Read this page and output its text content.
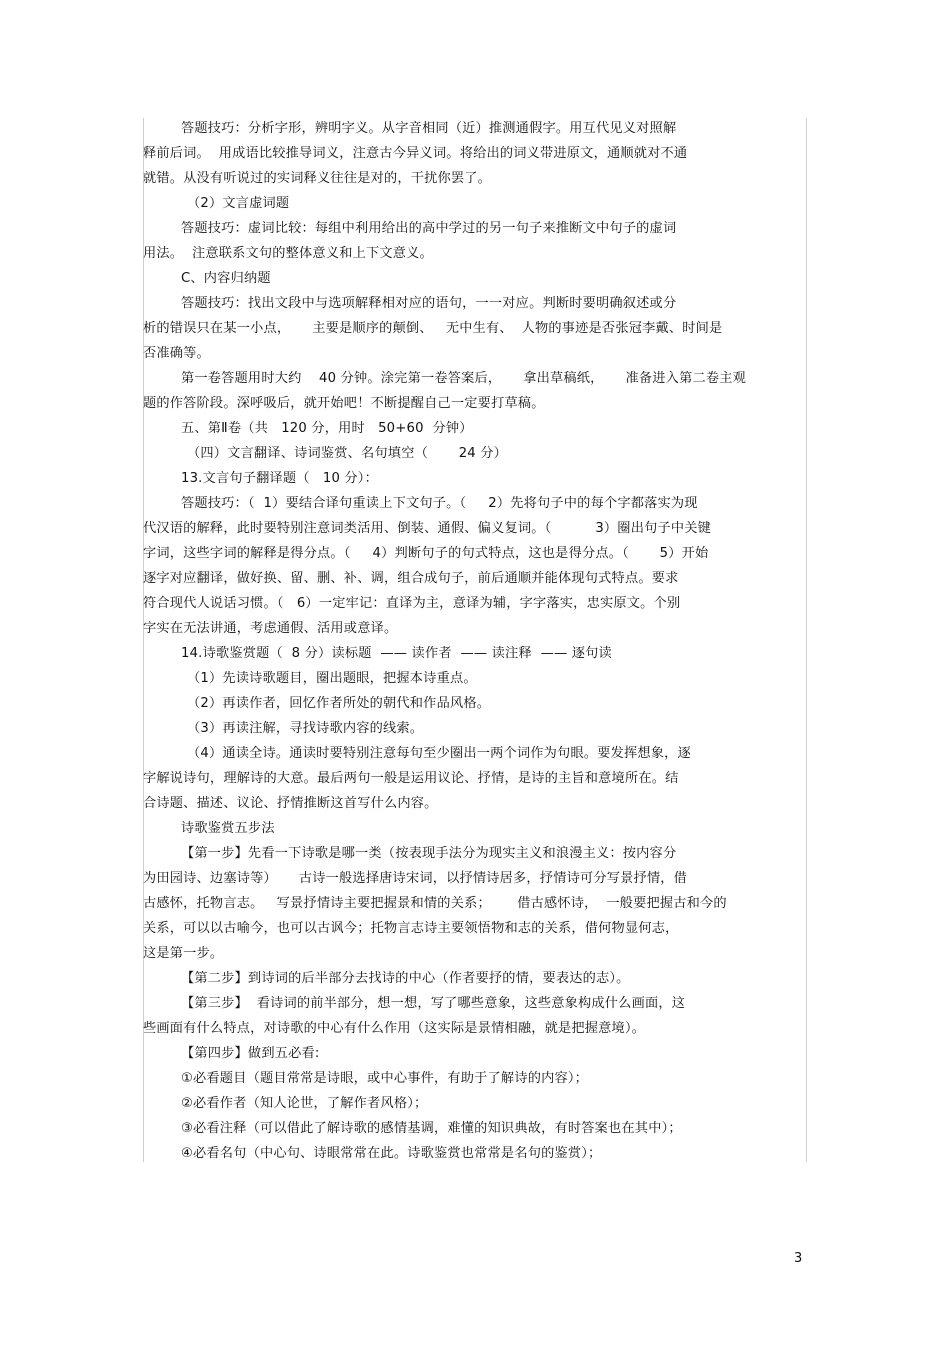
答题技巧：分析字形，辨明字义。从字音相同（近）推测通假字。用互代见义对照解
释前后词。  用成语比较推导词义，注意古今异义词。将给出的词义带进原文，通顺就对不通
就错。从没有听说过的实词释义往往是对的，干扰你罢了。
（2）文言虚词题
答题技巧：虚词比较：每组中利用给出的高中学过的另一句子来推断文中句子的虚词
用法。  注意联系文句的整体意义和上下文意义。
C、内容归纳题
答题技巧：找出文段中与选项解释相对应的语句，一一对应。判断时要明确叙述或分
析的错误只在某一小点，     主要是顺序的颠倒、   无中生有、  人物的事迹是否张冠李戴、时间是
否准确等。
第一卷答题用时大约    40 分钟。涂完第一卷答案后，     拿出草稿纸，     准备进入第二卷主观
题的作答阶段。深呼吸后，就开始吧！不断提醒自己一定要打草稿。
五、第Ⅱ卷（共   120 分，用时   50+60  分钟）
（四）文言翻译、诗词鉴赏、名句填空（       24 分）
13.文言句子翻译题（   10 分）：
答题技巧：（  1）要结合译句重读上下文句子。（     2）先将句子中的每个字都落实为现
代汉语的解释，此时要特别注意词类活用、倒装、通假、偏义复词。（          3）圈出句子中关键
字词，这些字词的解释是得分点。（     4）判断句子的句式特点，这也是得分点。（       5）开始
逐字对应翻译，做好换、留、删、补、调，组合成句子，前后通顺并能体现句式特点。要求
符合现代人说话习惯。（   6）一定牢记：直译为主，意译为辅，字字落实，忠实原文。个别
字实在无法讲通，考虑通假、活用或意译。
14.诗歌鉴赏题（  8 分）读标题  —— 读作者  —— 读注释  —— 逐句读
（1）先读诗歌题目，圈出题眼，把握本诗重点。
（2）再读作者，回忆作者所处的朝代和作品风格。
（3）再读注解，寻找诗歌内容的线索。
（4）通读全诗。通读时要特别注意每句至少圈出一两个词作为句眼。要发挥想象，逐
字解说诗句，理解诗的大意。最后两句一般是运用议论、抒情，是诗的主旨和意境所在。结
合诗题、描述、议论、抒情推断这首写什么内容。
诗歌鉴赏五步法
【第一步】先看一下诗歌是哪一类（按表现手法分为现实主义和浪漫主义：按内容分
为田园诗、边塞诗等）     古诗一般选择唐诗宋词，以抒情诗居多，抒情诗可分写景抒情，借
古感怀，托物言志。   写景抒情诗主要把握景和情的关系；      借古感怀诗，  一般要把握古和今的
关系，可以以古喻今，也可以古讽今；托物言志诗主要领悟物和志的关系，借何物显何志，
这是第一步。
【第二步】到诗词的后半部分去找诗的中心（作者要抒的情，要表达的志）。
【第三步】  看诗词的前半部分，想一想，写了哪些意象，这些意象构成什么画面，这
些画面有什么特点，对诗歌的中心有什么作用（这实际是景情相融，就是把握意境）。
【第四步】做到五必看:
①必看题目（题目常常是诗眼，或中心事件，有助于了解诗的内容）；
②必看作者（知人论世，了解作者风格）；
③必看注释（可以借此了解诗歌的感情基调，难懂的知识典故，有时答案也在其中）；
④必看名句（中心句、诗眼常常在此。诗歌鉴赏也常常是名句的鉴赏）；
3
